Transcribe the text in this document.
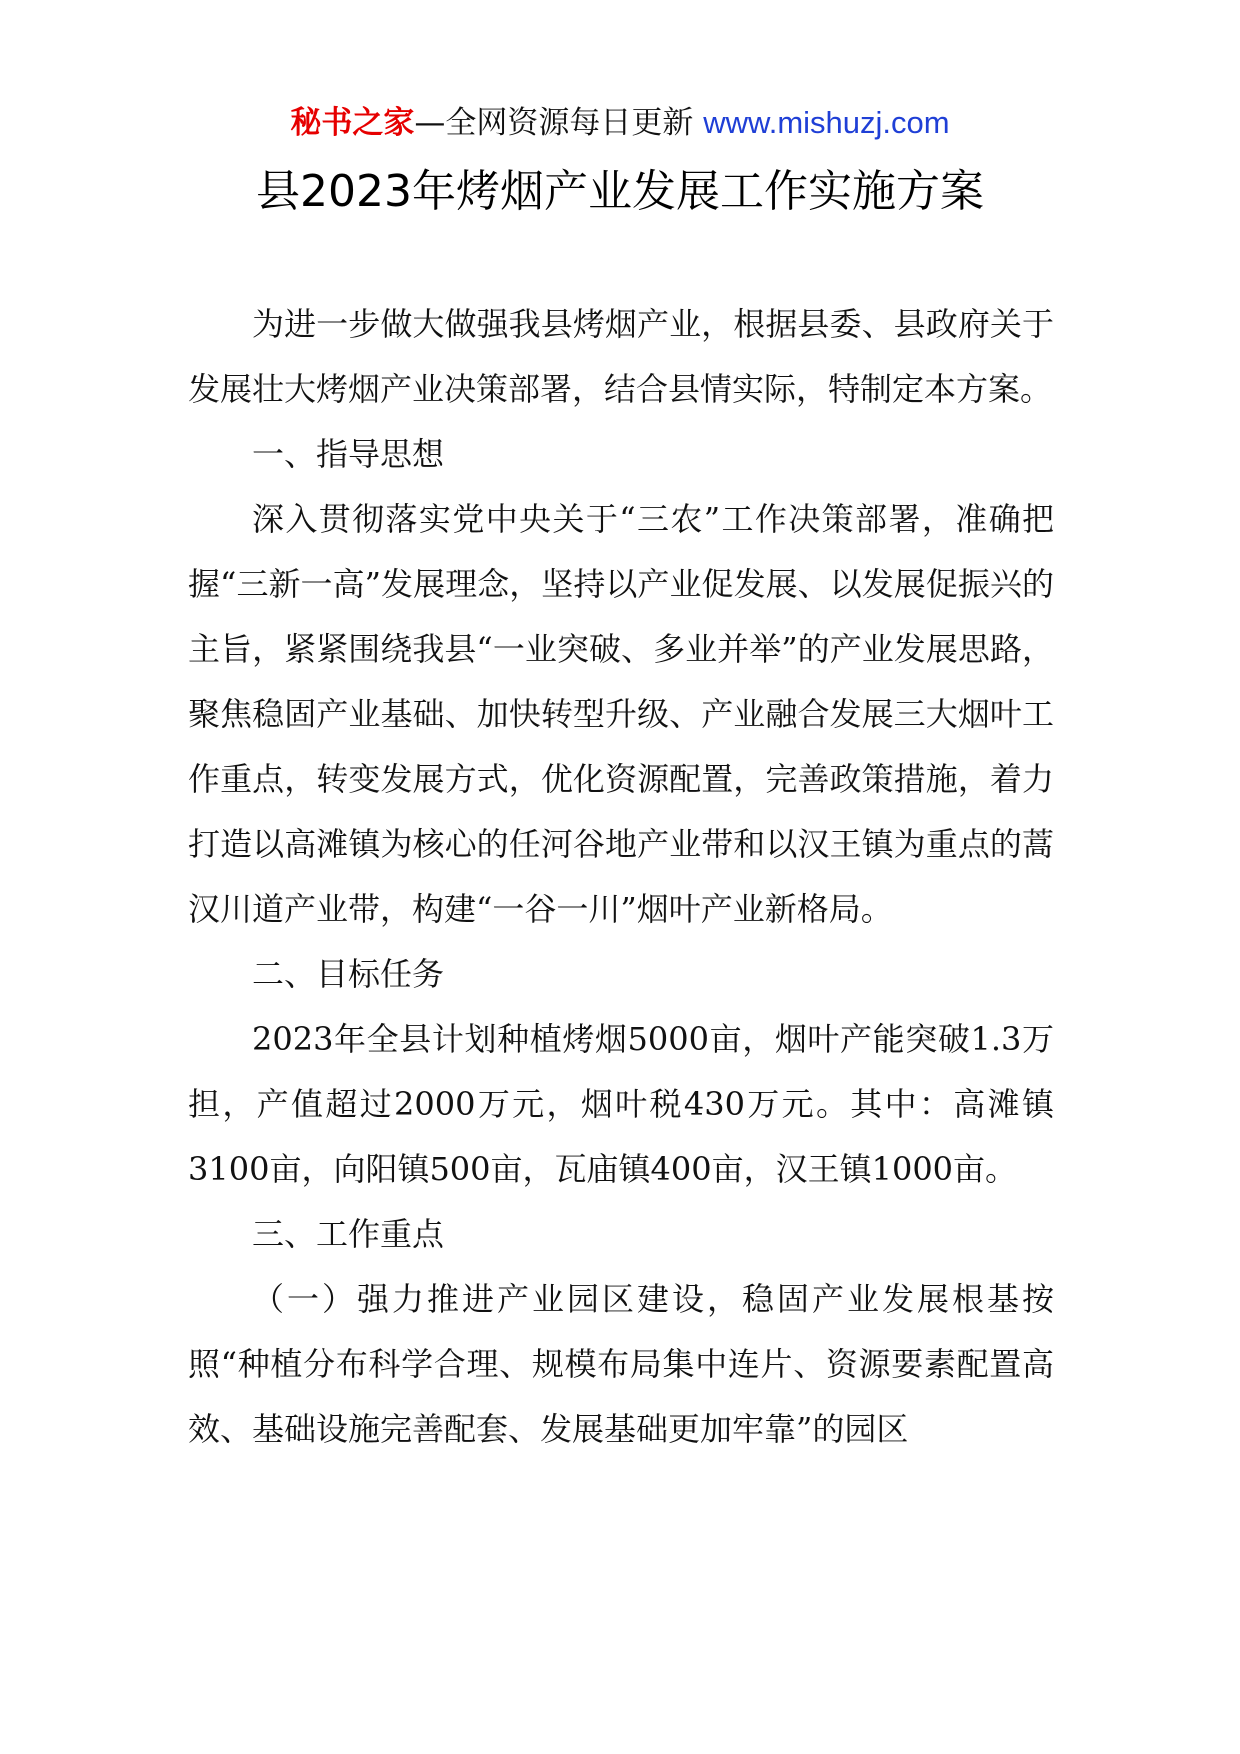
秘书之家—全网资源每日更新 www.mishuzj.com
县2023年烤烟产业发展工作实施方案

为进一步做大做强我县烤烟产业，根据县委、县政府关于发展壮大烤烟产业决策部署，结合县情实际，特制定本方案。

一、指导思想

深入贯彻落实党中央关于“三农”工作决策部署，准确把握“三新一高”发展理念，坚持以产业促发展、以发展促振兴的主旨，紧紧围绕我县“一业突破、多业并举”的产业发展思路，聚焦稳固产业基础、加快转型升级、产业融合发展三大烟叶工作重点，转变发展方式，优化资源配置，完善政策措施，着力打造以高滩镇为核心的任河谷地产业带和以汉王镇为重点的蒿汉川道产业带，构建“一谷一川”烟叶产业新格局。

二、目标任务

2023年全县计划种植烤烟5000亩，烟叶产能突破1.3万担，产值超过2000万元，烟叶税430万元。其中：高滩镇3100亩，向阳镇500亩，瓦庙镇400亩，汉王镇1000亩。

三、工作重点

（一）强力推进产业园区建设，稳固产业发展根基按照“种植分布科学合理、规模布局集中连片、资源要素配置高效、基础设施完善配套、发展基础更加牢靠”的园区
